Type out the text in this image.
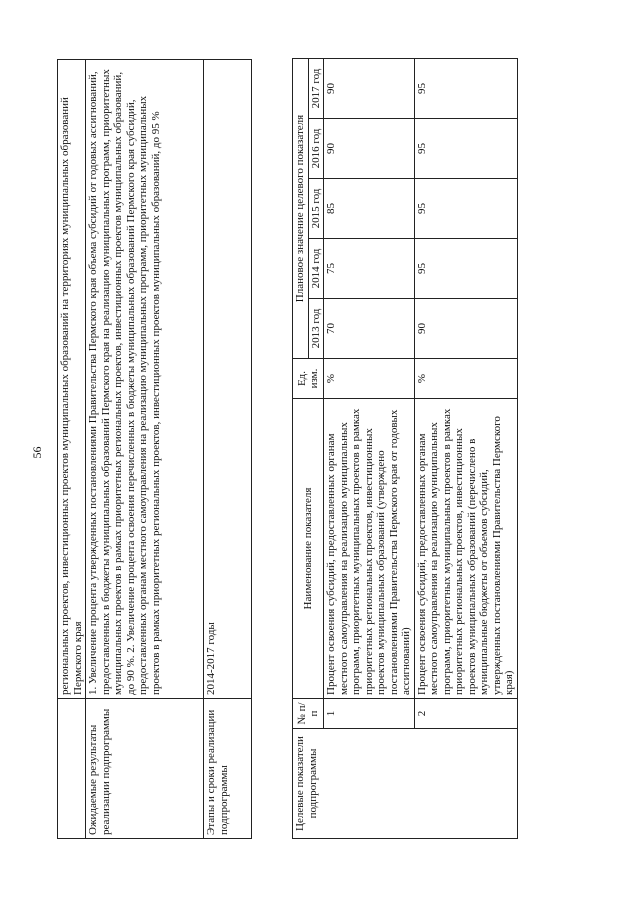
56
	региональных проектов, инвестиционных проектов муниципальных образований на территориях муниципальных образований Пермского края
Ожидаемые результаты реализации подпрограммы	1. Увеличение процента утвержденных постановлениями Правительства Пермского края объема субсидий от годовых ассигнований, предоставленных в бюджеты муниципальных образований Пермского края на реализацию муниципальных программ, приоритетных муниципальных проектов в рамках приоритетных региональных проектов, инвестиционных проектов муниципальных образований, до 90 %. 2. Увеличение процента освоения перечисленных в бюджеты муниципальных образований Пермского края субсидий, предоставленных органам местного самоуправления на реализацию муниципальных программ, приоритетных муниципальных проектов в рамках приоритетных региональных проектов, инвестиционных проектов муниципальных образований, до 95 %
Этапы и сроки реализации подпрограммы	2014-2017 годы
Целевые показатели подпрограммы	№ п/п	Наименование показателя	Ед. изм.	Плановое значение целевого показателя				
				2013 год	2014 год	2015 год	2016 год	2017 год
	1	Процент освоения субсидий, предоставленных органам местного самоуправления на реализацию муниципальных программ, приоритетных муниципальных проектов в рамках приоритетных региональных проектов, инвестиционных проектов муниципальных образований (утверждено постановлениями Правительства Пермского края от годовых ассигнований)	%	70	75	85	90	90
	2	Процент освоения субсидий, предоставленных органам местного самоуправления на реализацию муниципальных программ, приоритетных муниципальных проектов в рамках приоритетных региональных проектов, инвестиционных проектов муниципальных образований (перечислено в муниципальные бюджеты от объемов субсидий, утвержденных постановлениями Правительства Пермского края)	%	90	95	95	95	95
